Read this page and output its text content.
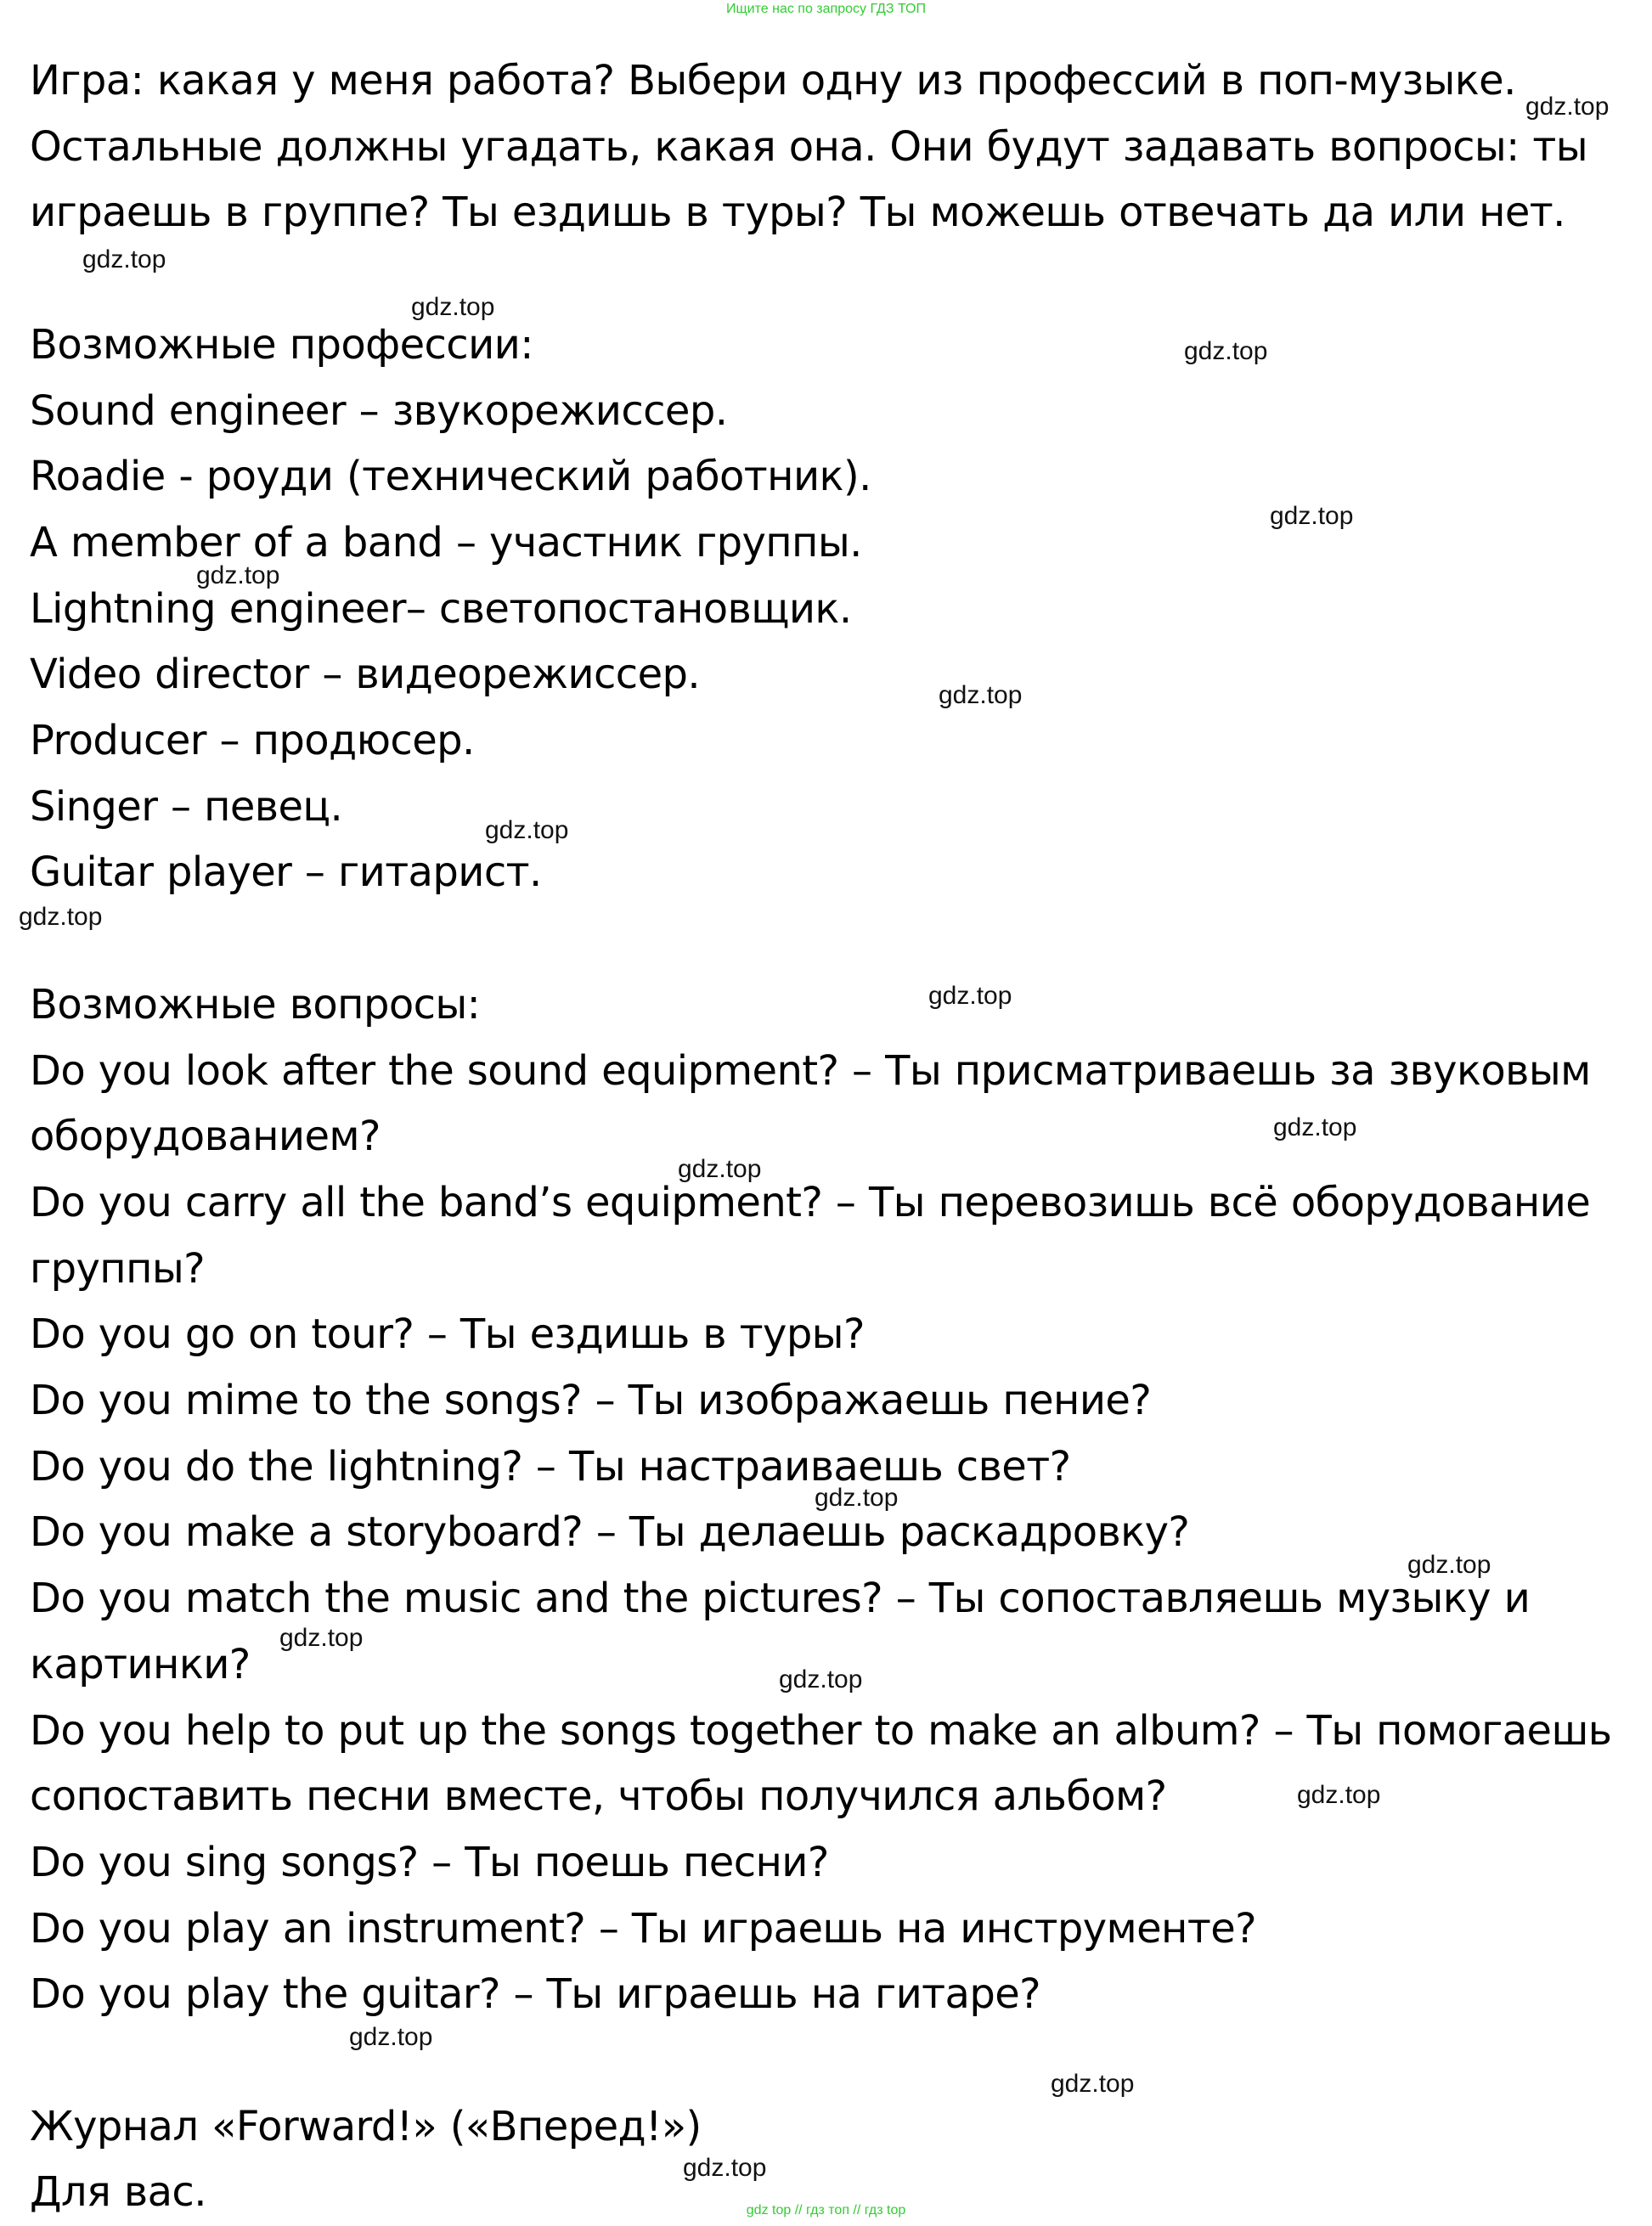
Ищите нас по запросу ГДЗ ТОП

Игра: какая у меня работа? Выбери одну из профессий в поп-музыке.

Остальные должны угадать, какая она. Они будут задавать вопросы: ты

играешь в группе? Ты ездишь в туры? Ты можешь отвечать да или нет.

Возможные профессии:

Sound engineer – звукорежиссер.

Roadie - роуди (технический работник).

A member of a band – участник группы.

Lightning engineer– светопостановщик.

Video director – видеорежиссер.

Producer – продюсер.

Singer – певец.

Guitar player – гитарист.

Возможные вопросы:

Do you look after the sound equipment? – Ты присматриваешь за звуковым

оборудованием?

Do you carry all the band’s equipment? – Ты перевозишь всё оборудование

группы?

Do you go on tour? – Ты ездишь в туры?

Do you mime to the songs? – Ты изображаешь пение?

Do you do the lightning? – Ты настраиваешь свет?

Do you make a storyboard? – Ты делаешь раскадровку?

Do you match the music and the pictures? – Ты сопоставляешь музыку и

картинки?

Do you help to put up the songs together to make an album? – Ты помогаешь

сопоставить песни вместе, чтобы получился альбом?

Do you sing songs? – Ты поешь песни?

Do you play an instrument? – Ты играешь на инструменте?

Do you play the guitar? – Ты играешь на гитаре?

Журнал «Forward!» («Вперед!»)

Для вас.

gdz.top
gdz.top
gdz.top
gdz.top
gdz.top
gdz.top
gdz.top
gdz.top
gdz.top
gdz.top
gdz.top
gdz.top
gdz.top
gdz.top
gdz.top
gdz.top
gdz.top
gdz.top
gdz.top
gdz.top
gdz top // гдз топ // гдз top
